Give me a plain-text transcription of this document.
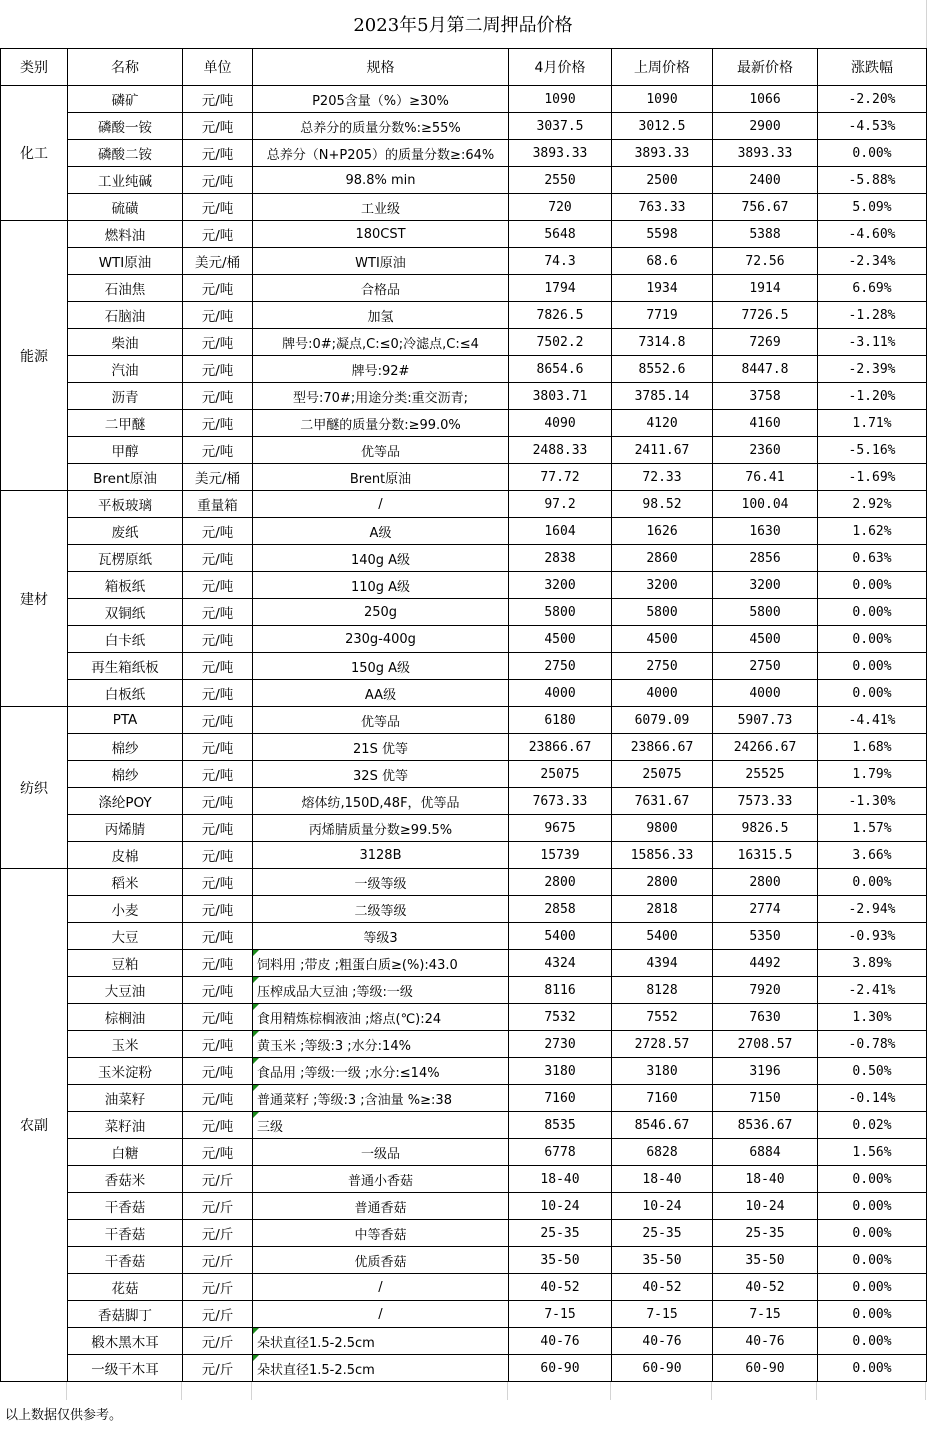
2023年5月第二周押品价格
类别	名称	单位	规格	4月价格	上周价格	最新价格	涨跌幅
化工	磷矿	元/吨	P205含量（%）≥30%	1090	1090	1066	-2.20%
	磷酸一铵	元/吨	总养分的质量分数%:≥55%	3037.5	3012.5	2900	-4.53%
	磷酸二铵	元/吨	总养分（N+P205）的质量分数≥:64%	3893.33	3893.33	3893.33	0.00%
	工业纯碱	元/吨	98.8% min	2550	2500	2400	-5.88%
	硫磺	元/吨	工业级	720	763.33	756.67	5.09%
能源	燃料油	元/吨	180CST	5648	5598	5388	-4.60%
	WTI原油	美元/桶	WTI原油	74.3	68.6	72.56	-2.34%
	石油焦	元/吨	合格品	1794	1934	1914	6.69%
	石脑油	元/吨	加氢	7826.5	7719	7726.5	-1.28%
	柴油	元/吨	牌号:0#;凝点,C:≤0;冷滤点,C:≤4	7502.2	7314.8	7269	-3.11%
	汽油	元/吨	牌号:92#	8654.6	8552.6	8447.8	-2.39%
	沥青	元/吨	型号:70#;用途分类:重交沥青;	3803.71	3785.14	3758	-1.20%
	二甲醚	元/吨	二甲醚的质量分数:≥99.0%	4090	4120	4160	1.71%
	甲醇	元/吨	优等品	2488.33	2411.67	2360	-5.16%
	Brent原油	美元/桶	Brent原油	77.72	72.33	76.41	-1.69%
建材	平板玻璃	重量箱	/	97.2	98.52	100.04	2.92%
	废纸	元/吨	A级	1604	1626	1630	1.62%
	瓦楞原纸	元/吨	140g A级	2838	2860	2856	0.63%
	箱板纸	元/吨	110g A级	3200	3200	3200	0.00%
	双铜纸	元/吨	250g	5800	5800	5800	0.00%
	白卡纸	元/吨	230g-400g	4500	4500	4500	0.00%
	再生箱纸板	元/吨	150g A级	2750	2750	2750	0.00%
	白板纸	元/吨	AA级	4000	4000	4000	0.00%
纺织	PTA	元/吨	优等品	6180	6079.09	5907.73	-4.41%
	棉纱	元/吨	21S 优等	23866.67	23866.67	24266.67	1.68%
	棉纱	元/吨	32S 优等	25075	25075	25525	1.79%
	涤纶POY	元/吨	熔体纺,150D,48F，优等品	7673.33	7631.67	7573.33	-1.30%
	丙烯腈	元/吨	丙烯腈质量分数≥99.5%	9675	9800	9826.5	1.57%
	皮棉	元/吨	3128B	15739	15856.33	16315.5	3.66%
农副	稻米	元/吨	一级等级	2800	2800	2800	0.00%
	小麦	元/吨	二级等级	2858	2818	2774	-2.94%
	大豆	元/吨	等级3	5400	5400	5350	-0.93%
	豆粕	元/吨	饲料用 ;带皮 ;粗蛋白质≥(%):43.0	4324	4394	4492	3.89%
	大豆油	元/吨	压榨成品大豆油 ;等级:一级	8116	8128	7920	-2.41%
	棕榈油	元/吨	食用精炼棕榈液油 ;熔点(℃):24	7532	7552	7630	1.30%
	玉米	元/吨	黄玉米 ;等级:3 ;水分:14%	2730	2728.57	2708.57	-0.78%
	玉米淀粉	元/吨	食品用 ;等级:一级 ;水分:≤14%	3180	3180	3196	0.50%
	油菜籽	元/吨	普通菜籽 ;等级:3 ;含油量 %≥:38	7160	7160	7150	-0.14%
	菜籽油	元/吨	三级	8535	8546.67	8536.67	0.02%
	白糖	元/吨	一级品	6778	6828	6884	1.56%
	香菇米	元/斤	普通小香菇	18-40	18-40	18-40	0.00%
	干香菇	元/斤	普通香菇	10-24	10-24	10-24	0.00%
	干香菇	元/斤	中等香菇	25-35	25-35	25-35	0.00%
	干香菇	元/斤	优质香菇	35-50	35-50	35-50	0.00%
	花菇	元/斤	/	40-52	40-52	40-52	0.00%
	香菇脚丁	元/斤	/	7-15	7-15	7-15	0.00%
	椴木黑木耳	元/斤	朵状直径1.5-2.5cm	40-76	40-76	40-76	0.00%
	一级干木耳	元/斤	朵状直径1.5-2.5cm	60-90	60-90	60-90	0.00%
以上数据仅供参考。
